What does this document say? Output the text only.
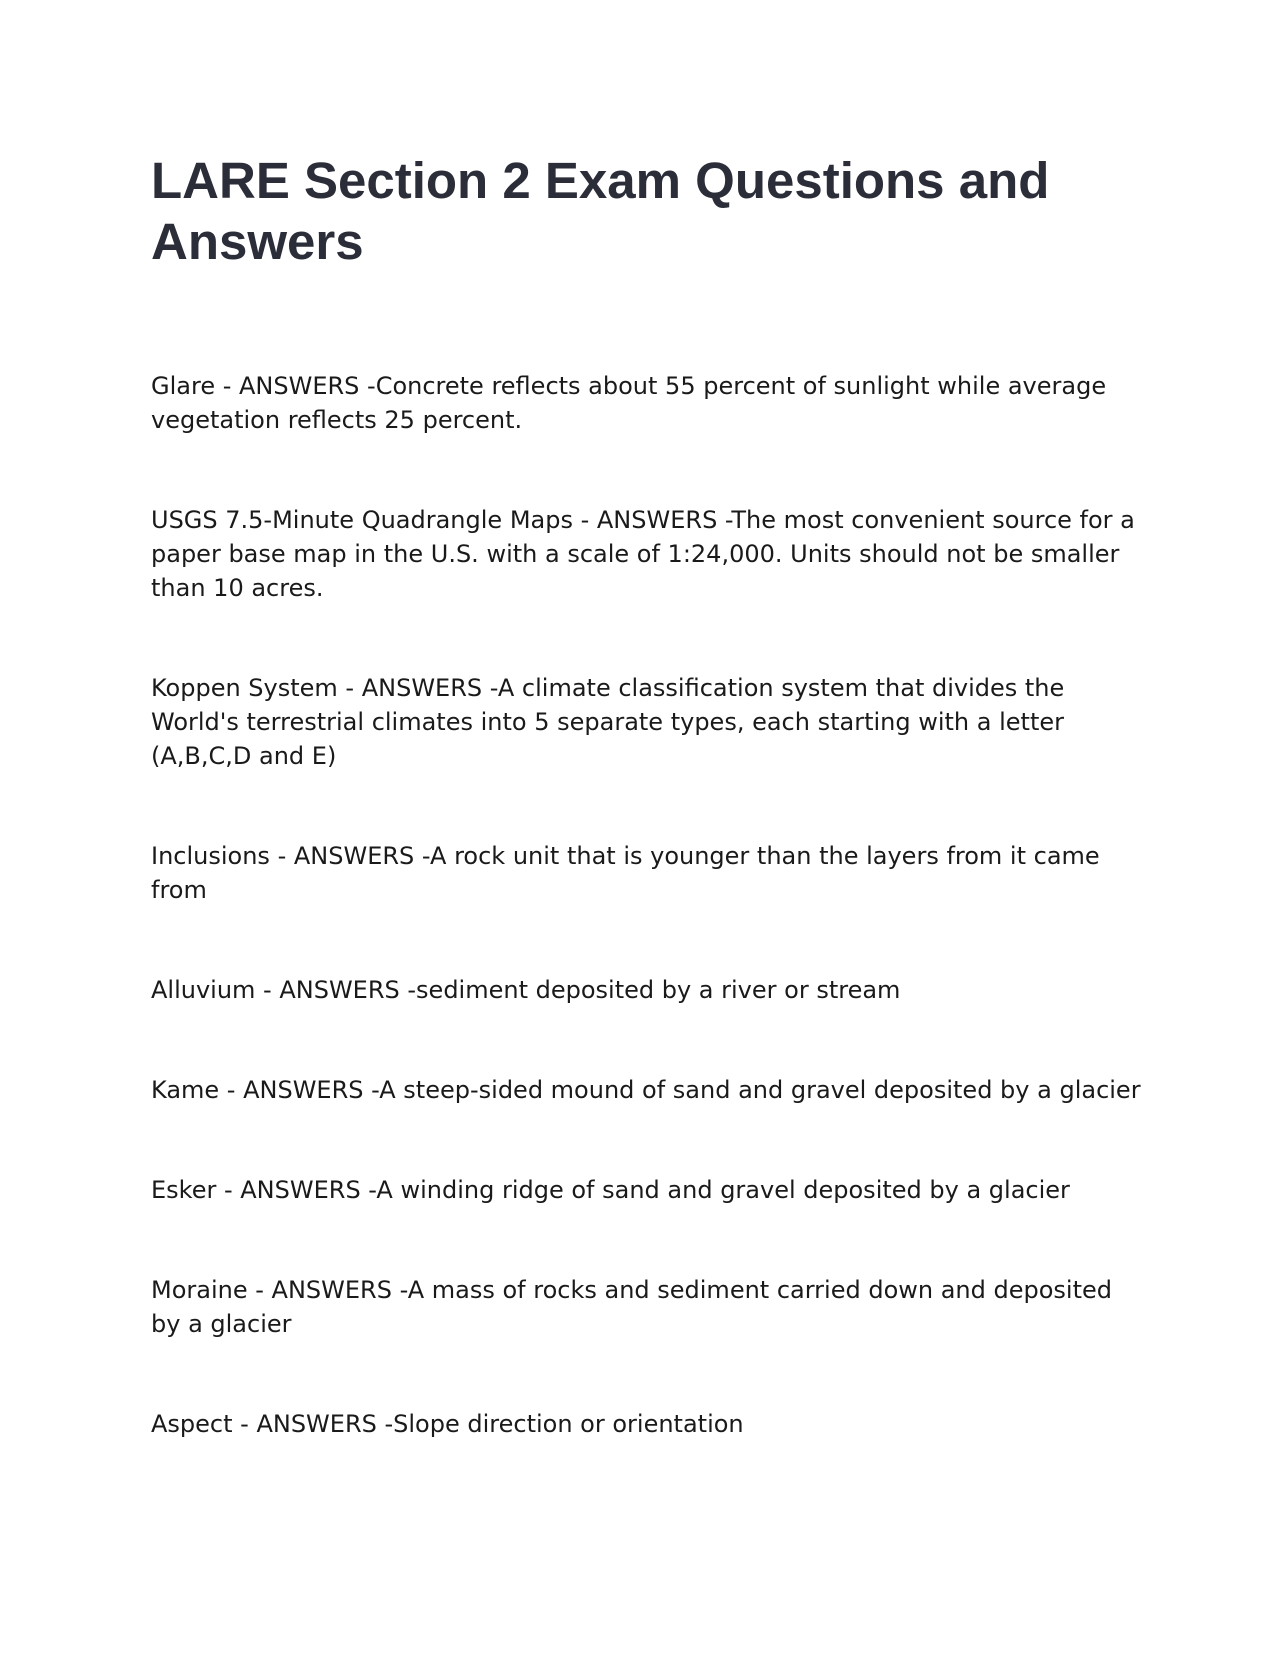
LARE Section 2 Exam Questions and Answers

Glare - ANSWERS -Concrete reflects about 55 percent of sunlight while average vegetation reflects 25 percent.

USGS 7.5-Minute Quadrangle Maps - ANSWERS -The most convenient source for a paper base map in the U.S. with a scale of 1:24,000. Units should not be smaller than 10 acres.

Koppen System - ANSWERS -A climate classification system that divides the World's terrestrial climates into 5 separate types, each starting with a letter (A,B,C,D and E)

Inclusions - ANSWERS -A rock unit that is younger than the layers from it came from

Alluvium - ANSWERS -sediment deposited by a river or stream

Kame - ANSWERS -A steep-sided mound of sand and gravel deposited by a glacier

Esker - ANSWERS -A winding ridge of sand and gravel deposited by a glacier

Moraine - ANSWERS -A mass of rocks and sediment carried down and deposited by a glacier

Aspect - ANSWERS -Slope direction or orientation
